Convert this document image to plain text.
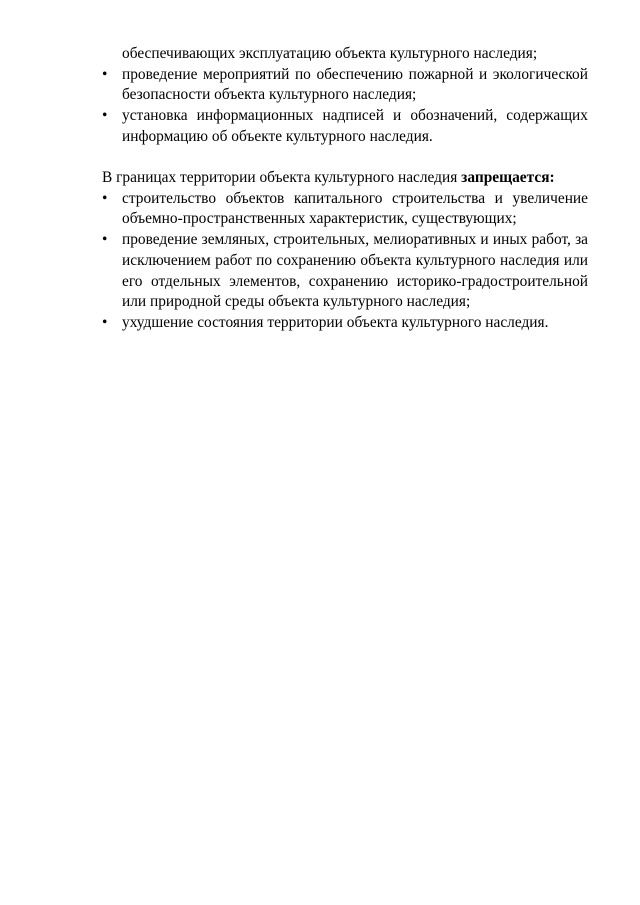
обеспечивающих эксплуатацию объекта культурного наследия;
• проведение мероприятий по обеспечению пожарной и экологической безопасности объекта культурного наследия;
• установка информационных надписей и обозначений, содержащих информацию об объекте культурного наследия.

В границах территории объекта культурного наследия запрещается:

• строительство объектов капитального строительства и увеличение объемно-пространственных характеристик, существующих;
• проведение земляных, строительных, мелиоративных и иных работ, за исключением работ по сохранению объекта культурного наследия или его отдельных элементов, сохранению историко-градостроительной или природной среды объекта культурного наследия;
• ухудшение состояния территории объекта культурного наследия.
